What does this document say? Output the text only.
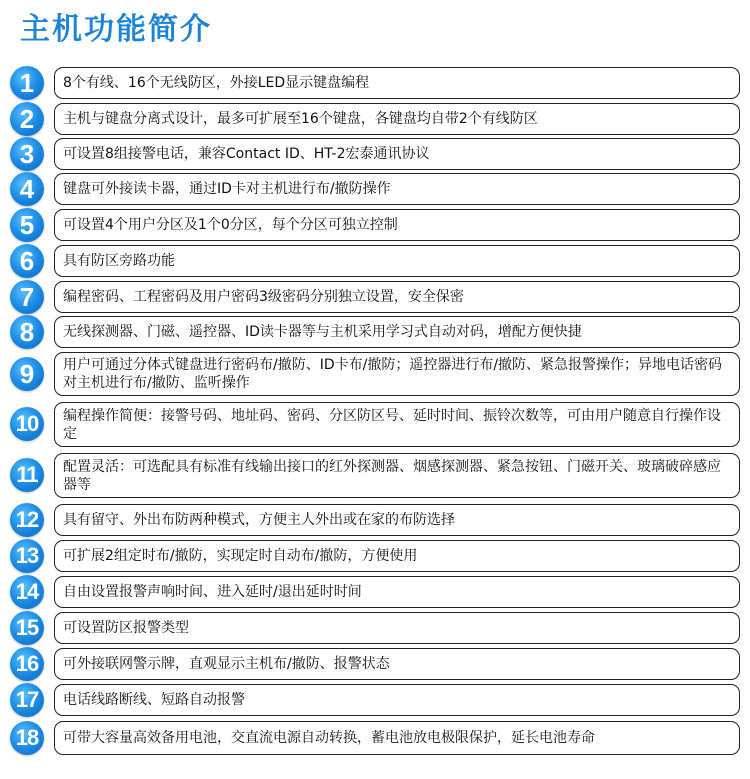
主机功能简介
1	8个有线、16个无线防区，外接LED显示键盘编程
2	主机与键盘分离式设计，最多可扩展至16个键盘，各键盘均自带2个有线防区
3	可设置8组接警电话，兼容Contact ID、HT-2宏泰通讯协议
4	键盘可外接读卡器，通过ID卡对主机进行布/撤防操作
5	可设置4个用户分区及1个0分区，每个分区可独立控制
6	具有防区旁路功能
7	编程密码、工程密码及用户密码3级密码分别独立设置，安全保密
8	无线探测器、门磁、遥控器、ID读卡器等与主机采用学习式自动对码，增配方便快捷
9	用户可通过分体式键盘进行密码布/撤防、ID卡布/撤防；遥控器进行布/撤防、紧急报警操作；异地电话密码对主机进行布/撤防、监听操作
10	编程操作简便：接警号码、地址码、密码、分区防区号、延时时间、振铃次数等，可由用户随意自行操作设定
11	配置灵活：可选配具有标准有线输出接口的红外探测器、烟感探测器、紧急按钮、门磁开关、玻璃破碎感应器等
12	具有留守、外出布防两种模式，方便主人外出或在家的布防选择
13	可扩展2组定时布/撤防，实现定时自动布/撤防，方便使用
14	自由设置报警声响时间、进入延时/退出延时时间
15	可设置防区报警类型
16	可外接联网警示牌，直观显示主机布/撤防、报警状态
17	电话线路断线、短路自动报警
18	可带大容量高效备用电池，交直流电源自动转换，蓄电池放电极限保护，延长电池寿命
